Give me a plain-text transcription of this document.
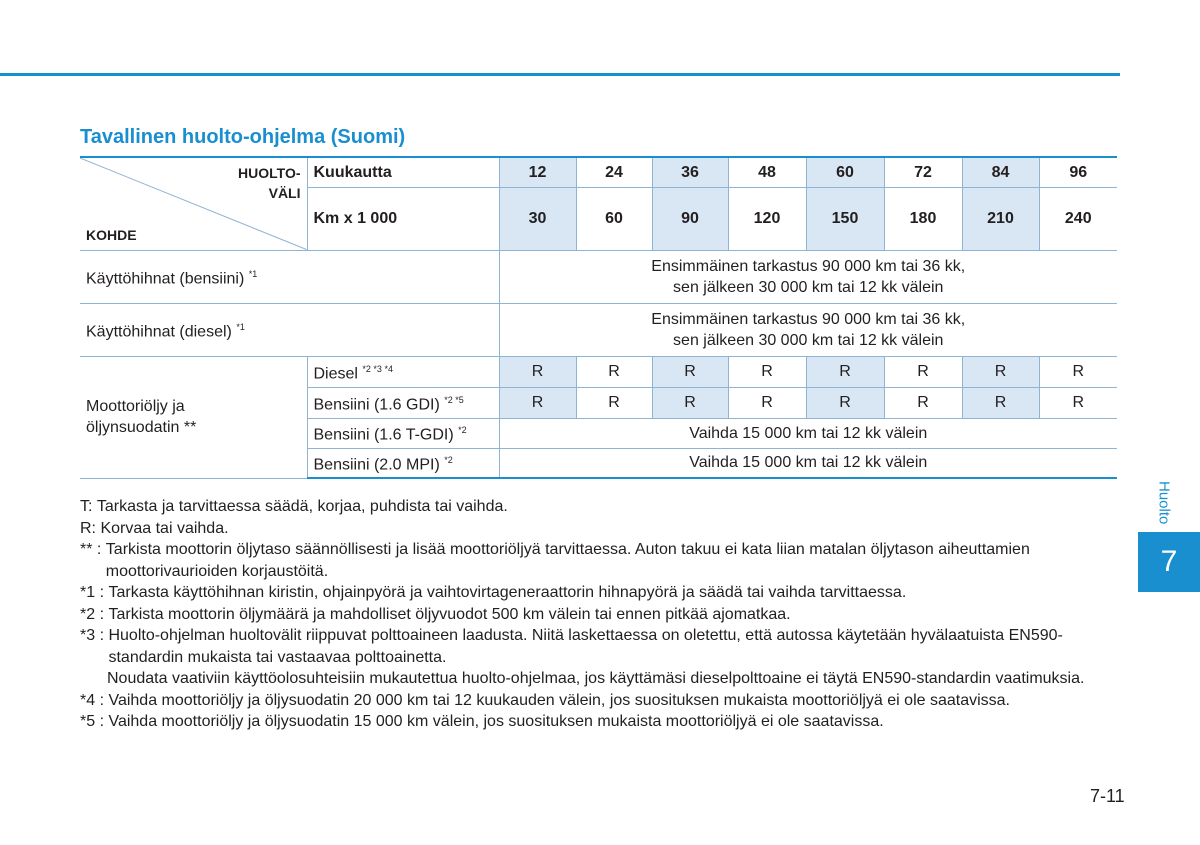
Tavallinen huolto-ohjelma (Suomi)
HUOLTO-
VÄLI
KOHDE	Kuukautta	12	24	36	48	60	72	84	96
	Km x 1 000	30	60	90	120	150	180	210	240
Käyttöhihnat (bensiini) $^{*1}$		Ensimmäinen tarkastus 90 000 km tai 36 kk,
sen jälkeen 30 000 km tai 12 kk välein							

Käyttöhihnat (diesel) $^{*1}$		Ensimmäinen tarkastus 90 000 km tai 36 kk,
sen jälkeen 30 000 km tai 12 kk välein							

Moottoriöljy ja
öljynsuodatin **	Diesel $^{*2 *3 *4}$	R	R	R	R	R	R	R	R
	Bensiini (1.6 GDI) $^{*2 *5}$	R	R	R	R	R	R	R	R
	Bensiini (1.6 T-GDI) $^{*2}$	Vaihda 15 000 km tai 12 kk välein							
	Bensiini (2.0 MPI) $^{*2}$	Vaihda 15 000 km tai 12 kk välein							
T:
Tarkasta ja tarvittaessa säädä, korjaa, puhdista tai vaihda.
R:
Korvaa tai vaihda.
** :
Tarkista moottorin öljytaso säännöllisesti ja lisää moottoriöljyä tarvittaessa. Auton takuu ei kata liian matalan öljytason aiheuttamien moottorivaurioiden korjaustöitä.
*1 :
Tarkasta käyttöhihnan kiristin, ohjainpyörä ja vaihtovirtageneraattorin hihnapyörä ja säädä tai vaihda tarvittaessa.
*2 :
Tarkista moottorin öljymäärä ja mahdolliset öljyvuodot 500 km välein tai ennen pitkää ajomatkaa.
*3 :
Huolto-ohjelman huoltovälit riippuvat polttoaineen laadusta. Niitä laskettaessa on oletettu, että autossa käytetään hyvälaatuista EN590-standardin mukaista tai vastaavaa polttoainetta.
Noudata vaativiin käyttöolosuhteisiin mukautettua huolto-ohjelmaa, jos käyttämäsi dieselpolttoaine ei täytä EN590-standardin vaatimuksia.
*4 :
Vaihda moottoriöljy ja öljysuodatin 20 000 km tai 12 kuukauden välein, jos suosituksen mukaista moottoriöljyä ei ole saatavissa.
*5 :
Vaihda moottoriöljy ja öljysuodatin 15 000 km välein, jos suosituksen mukaista moottoriöljyä ei ole saatavissa.
Huolto
7
7-11
